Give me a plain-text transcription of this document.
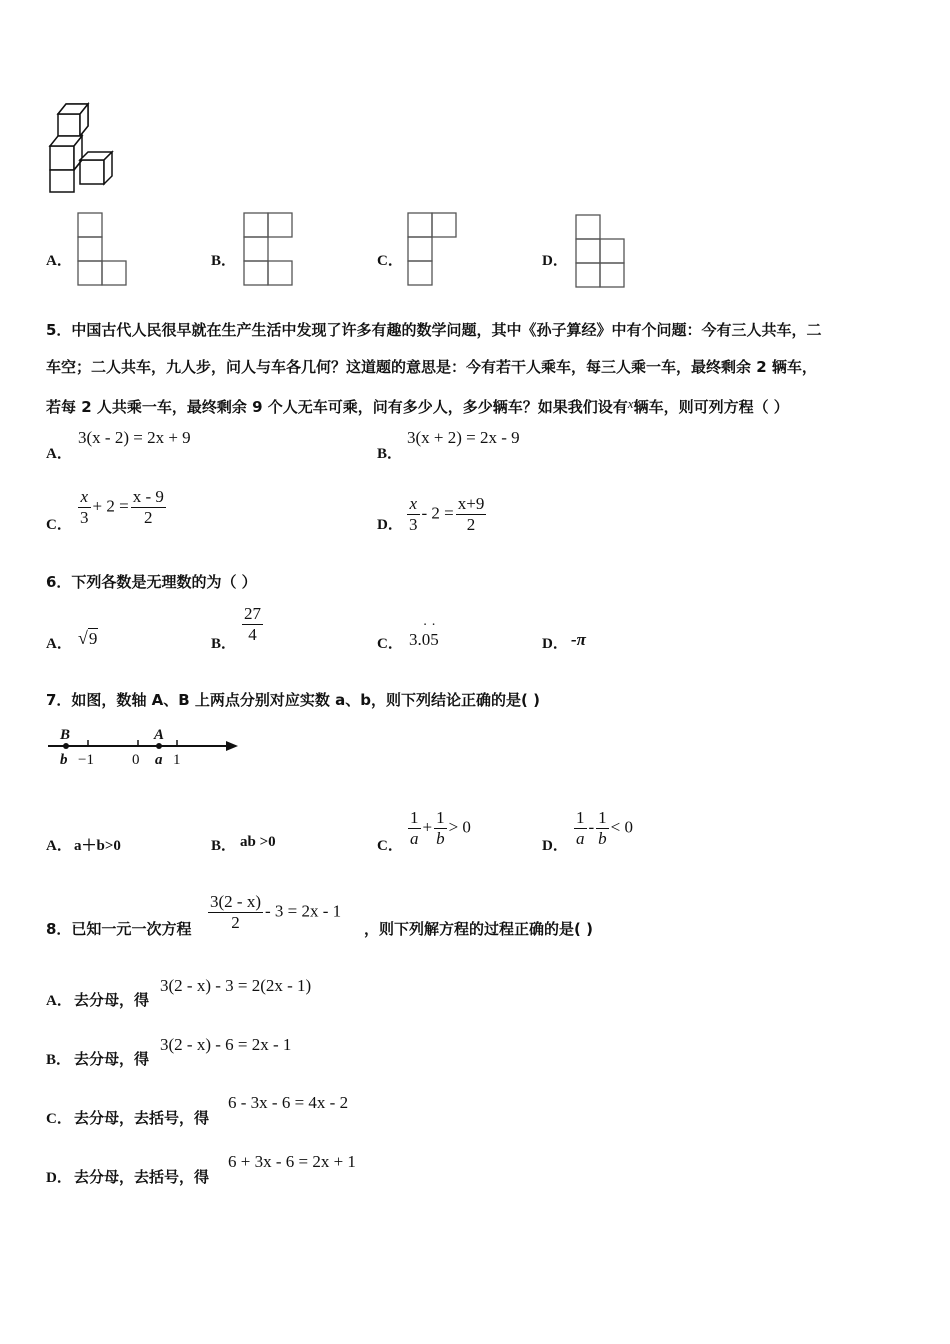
A．	B．	C．	D．
5．中国古代人民很早就在生产生活中发现了许多有趣的数学问题，其中《孙子算经》中有个问题：今有三人共车，二
车空；二人共车，九人步，问人与车各几何？这道题的意思是：今有若干人乘车，每三人乘一车，最终剩余 2 辆车，
若每 2 人共乘一车，最终剩余 9 个人无车可乘，问有多少人，多少辆车？如果我们设有x辆车，则可列方程（ ）
A．
3(x - 2) = 2x + 9
B．
3(x + 2) = 2x - 9
C． $\frac{x}{3} + 2 = \frac{x - 9}{2}$	D． $\frac{x}{3} - 2 = \frac{x+9}{2}$
6．下列各数是无理数的为（ ）
A． √9	B． $\frac{27}{4}$	C． 3.· 0· 5	D． -π
7．如图，数轴 A、B 上两点分别对应实数 a、b，则下列结论正确的是( )
B	A
b −1	0 a 1
A． a＋b>0	B． ab >0	C． $\frac{1}{a} + \frac{1}{b} > 0$
D． $\frac{1}{a} - \frac{1}{b} < 0$
8．已知一元一次方程 $\frac{3(2 - x)}{2} - 3 = 2x - 1$
，则下列解方程的过程正确的是( )
A． 去分母，得
3(2 - x) - 3 = 2(2x - 1)
B． 去分母，得
3(2 - x) - 6 = 2x - 1
C． 去分母，去括号，得
6 - 3x - 6 = 4x - 2
D． 去分母，去括号，得
6 + 3x - 6 = 2x + 1
